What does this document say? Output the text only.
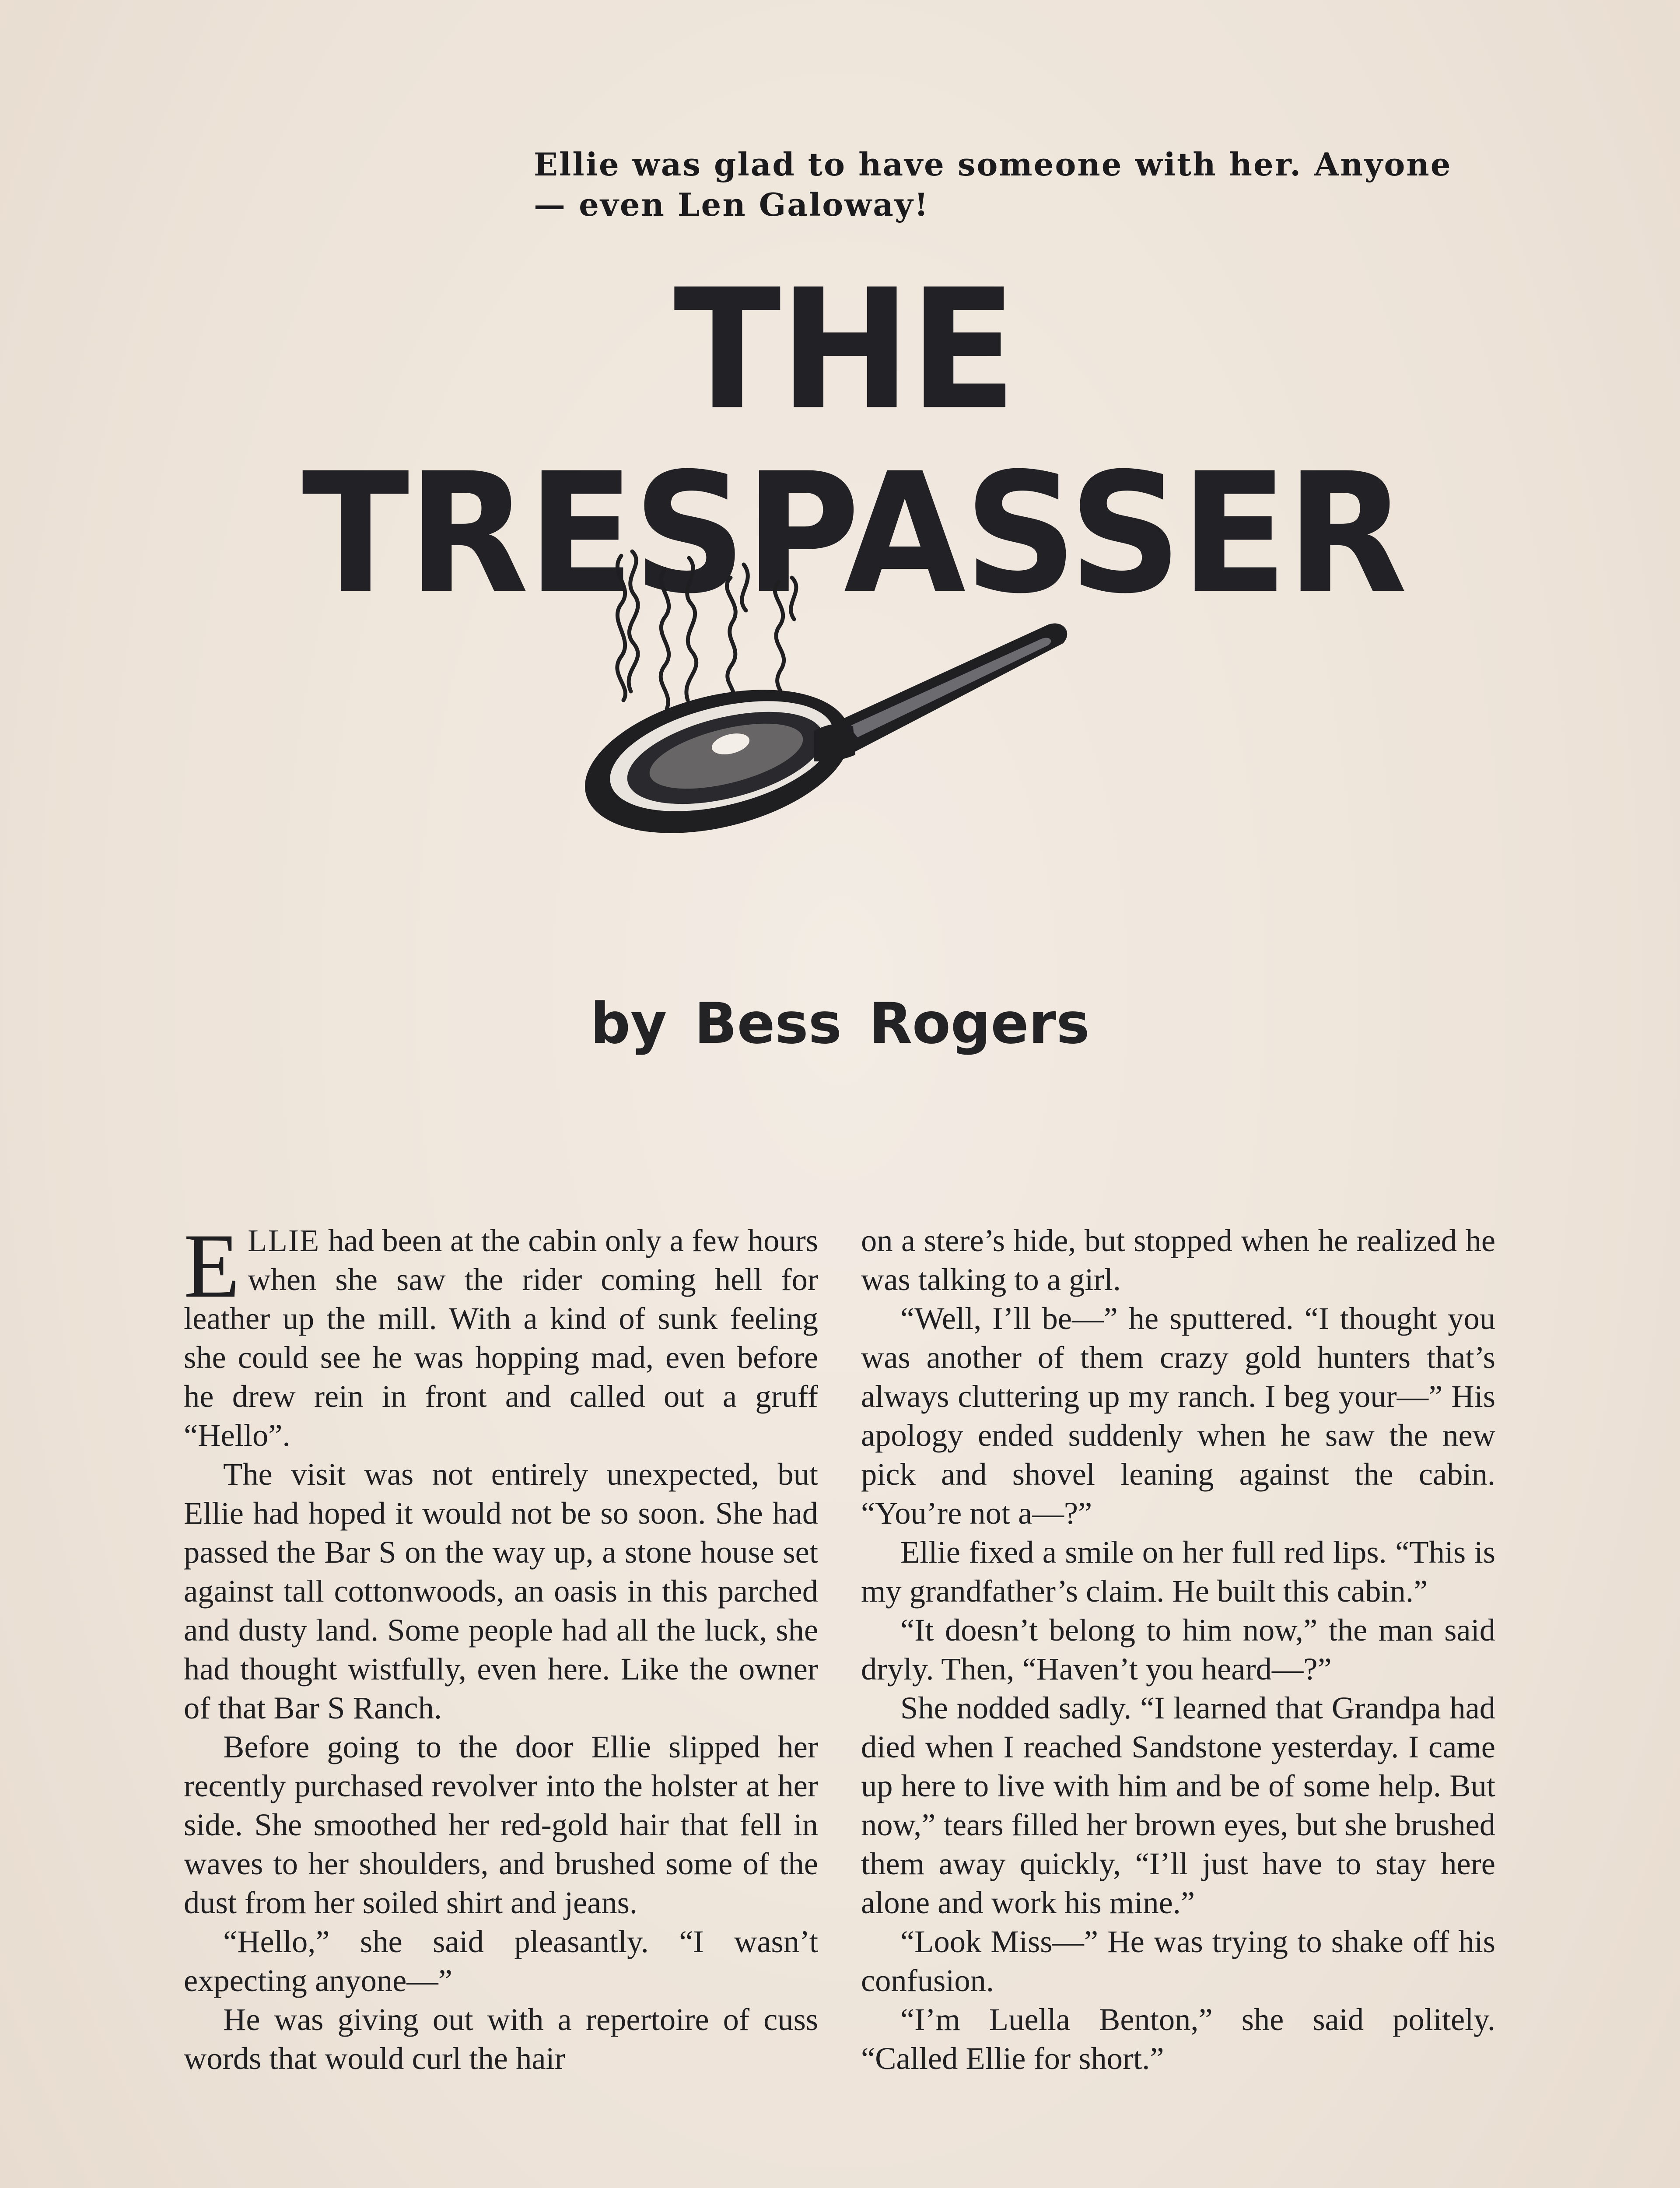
Ellie was glad to have someone with her. Anyone— even Len Galoway!
THE TRESPASSER
by Bess Rogers

ELLIE had been at the cabin only a few hours when she saw the rider coming hell for leather up the mill. With a kind of sunk feeling she could see he was hopping mad, even before he drew rein in front and called out a gruff “Hello”.

The visit was not entirely unexpected, but Ellie had hoped it would not be so soon. She had passed the Bar S on the way up, a stone house set against tall cottonwoods, an oasis in this parched and dusty land. Some people had all the luck, she had thought wistfully, even here. Like the owner of that Bar S Ranch.

Before going to the door Ellie slipped her recently purchased revolver into the holster at her side. She smoothed her red-gold hair that fell in waves to her shoulders, and brushed some of the dust from her soiled shirt and jeans.

“Hello,” she said pleasantly. “I wasn’t expecting anyone—”

He was giving out with a repertoire of cuss words that would curl the hair

on a stere’s hide, but stopped when he realized he was talking to a girl.

“Well, I’ll be—” he sputtered. “I thought you was another of them crazy gold hunters that’s always cluttering up my ranch. I beg your—” His apology ended suddenly when he saw the new pick and shovel leaning against the cabin. “You’re not a—?”

Ellie fixed a smile on her full red lips. “This is my grandfather’s claim. He built this cabin.”

“It doesn’t belong to him now,” the man said dryly. Then, “Haven’t you heard—?”

She nodded sadly. “I learned that Grandpa had died when I reached Sandstone yesterday. I came up here to live with him and be of some help. But now,” tears filled her brown eyes, but she brushed them away quickly, “I’ll just have to stay here alone and work his mine.”

“Look Miss—” He was trying to shake off his confusion.

“I’m Luella Benton,” she said politely. “Called Ellie for short.”
